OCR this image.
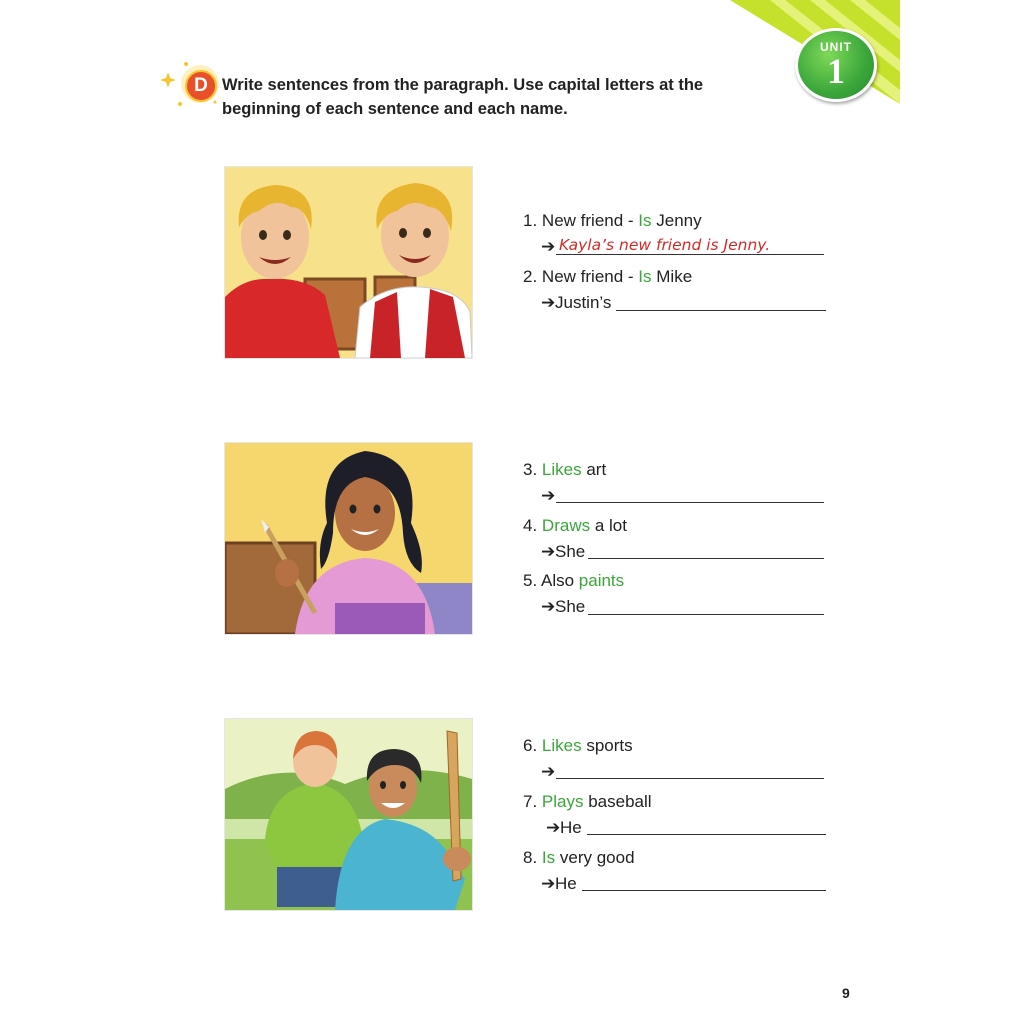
UNIT
1
D Write sentences from the paragraph. Use capital letters at the beginning of each sentence and each name.
1. New friend - Is Jenny
➔ Kayla’s new friend is Jenny.
2. New friend - Is Mike
➔Justin’s
3. Likes art
➔
4. Draws a lot
➔She
5. Also paints
➔She
6. Likes sports
➔
7. Plays baseball
➔He
8. Is very good
➔He
9
